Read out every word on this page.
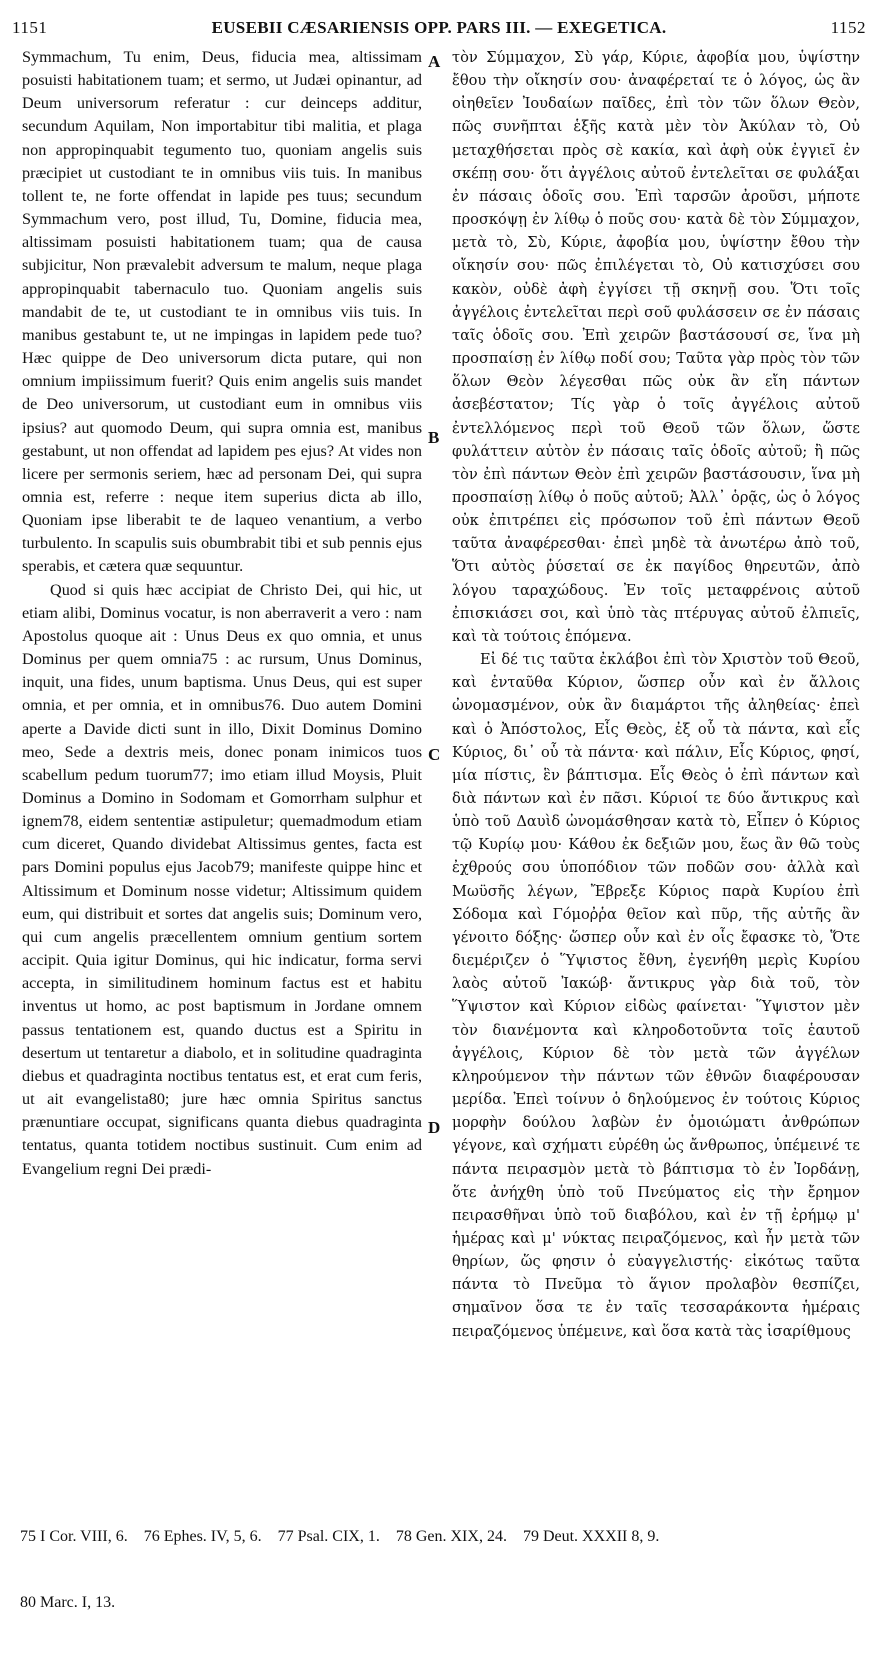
1151	EUSEBII CÆSARIENSIS OPP. PARS III. — EXEGETICA.	1152

Symmachum, Tu enim, Deus, fiducia mea, altissimam posuisti habitationem tuam; et sermo, ut Judæi opinantur, ad Deum universorum referatur : cur deinceps additur, secundum Aquilam, Non importabitur tibi malitia, et plaga non appropinquabit tegumento tuo, quoniam angelis suis præcipiet ut custodiant te in omnibus viis tuis. In manibus tollent te, ne forte offendat in lapide pes tuus; secundum Symmachum vero, post illud, Tu, Domine, fiducia mea, altissimam posuisti habitationem tuam; qua de causa subjicitur, Non prævalebit adversum te malum, neque plaga appropinquabit tabernaculo tuo. Quoniam angelis suis mandabit de te, ut custodiant te in omnibus viis tuis. In manibus gestabunt te, ut ne impingas in lapidem pede tuo? Hæc quippe de Deo universorum dicta putare, qui non omnium impiissimum fuerit? Quis enim angelis suis mandet de Deo universorum, ut custodiant eum in omnibus viis ipsius? aut quomodo Deum, qui supra omnia est, manibus gestabunt, ut non offendat ad lapidem pes ejus? At vides non licere per sermonis seriem, hæc ad personam Dei, qui supra omnia est, referre : neque item superius dicta ab illo, Quoniam ipse liberabit te de laqueo venantium, a verbo turbulento. In scapulis suis obumbrabit tibi et sub pennis ejus sperabis, et cætera quæ sequuntur.

Quod si quis hæc accipiat de Christo Dei, qui hic, ut etiam alibi, Dominus vocatur, is non aberraverit a vero : nam Apostolus quoque ait : Unus Deus ex quo omnia, et unus Dominus per quem omnia75 : ac rursum, Unus Dominus, inquit, una fides, unum baptisma. Unus Deus, qui est super omnia, et per omnia, et in omnibus76. Duo autem Domini aperte a Davide dicti sunt in illo, Dixit Dominus Domino meo, Sede a dextris meis, donec ponam inimicos tuos scabellum pedum tuorum77; imo etiam illud Moysis, Pluit Dominus a Domino in Sodomam et Gomorrham sulphur et ignem78, eidem sententiæ astipuletur; quemadmodum etiam cum diceret, Quando dividebat Altissimus gentes, facta est pars Domini populus ejus Jacob79; manifeste quippe hinc et Altissimum et Dominum nosse videtur; Altissimum quidem eum, qui distribuit et sortes dat angelis suis; Dominum vero, qui cum angelis præcellentem omnium gentium sortem accipit. Quia igitur Dominus, qui hic indicatur, forma servi accepta, in similitudinem hominum factus est et habitu inventus ut homo, ac post baptismum in Jordane omnem passus tentationem est, quando ductus est a Spiritu in desertum ut tentaretur a diabolo, et in solitudine quadraginta diebus et quadraginta noctibus tentatus est, et erat cum feris, ut ait evangelista80; jure hæc omnia Spiritus sanctus prænuntiare occupat, significans quanta diebus quadraginta tentatus, quanta totidem noctibus sustinuit. Cum enim ad Evangelium regni Dei prædi-

A
B
C
D

τὸν Σύμμαχον, Σὺ γάρ, Κύριε, ἀφοβία μου, ὑψίστην ἔθου τὴν οἴκησίν σου· ἀναφέρεταί τε ὁ λόγος, ὡς ἂν οἰηθεῖεν Ἰουδαίων παῖδες, ἐπὶ τὸν τῶν ὅλων Θεὸν, πῶς συνῆπται ἑξῆς κατὰ μὲν τὸν Ἀκύλαν τὸ, Οὐ μεταχθήσεται πρὸς σὲ κακία, καὶ ἀφὴ οὐκ ἐγγιεῖ ἐν σκέπῃ σου· ὅτι ἀγγέλοις αὐτοῦ ἐντελεῖται σε φυλάξαι ἐν πάσαις ὁδοῖς σου. Ἐπὶ ταρσῶν ἀροῦσι, μήποτε προσκόψῃ ἐν λίθῳ ὁ ποῦς σου· κατὰ δὲ τὸν Σύμμαχον, μετὰ τὸ, Σὺ, Κύριε, ἀφοβία μου, ὑψίστην ἔθου τὴν οἴκησίν σου· πῶς ἐπιλέγεται τὸ, Οὐ κατισχύσει σου κακὸν, οὐδὲ ἀφὴ ἐγγίσει τῇ σκηνῇ σου. Ὅτι τοῖς ἀγγέλοις ἐντελεῖται περὶ σοῦ φυλάσσειν σε ἐν πάσαις ταῖς ὁδοῖς σου. Ἐπὶ χειρῶν βαστάσουσί σε, ἵνα μὴ προσπαίσῃ ἐν λίθῳ ποδί σου; Ταῦτα γὰρ πρὸς τὸν τῶν ὅλων Θεὸν λέγεσθαι πῶς οὐκ ἂν εἴη πάντων ἀσεβέστατον; Τίς γὰρ ὁ τοῖς ἀγγέλοις αὐτοῦ ἐντελλόμενος περὶ τοῦ Θεοῦ τῶν ὅλων, ὥστε φυλάττειν αὐτὸν ἐν πάσαις ταῖς ὁδοῖς αὐτοῦ; ἢ πῶς τὸν ἐπὶ πάντων Θεὸν ἐπὶ χειρῶν βαστάσουσιν, ἵνα μὴ προσπαίσῃ λίθῳ ὁ ποῦς αὐτοῦ; Ἀλλ᾿ ὁρᾷς, ὡς ὁ λόγος οὐκ ἐπιτρέπει εἰς πρόσωπον τοῦ ἐπὶ πάντων Θεοῦ ταῦτα ἀναφέρεσθαι· ἐπεὶ μηδὲ τὰ ἀνωτέρω ἀπὸ τοῦ, Ὅτι αὐτὸς ῥύσεταί σε ἐκ παγίδος θηρευτῶν, ἀπὸ λόγου ταραχώδους. Ἐν τοῖς μεταφρένοις αὐτοῦ ἐπισκιάσει σοι, καὶ ὑπὸ τὰς πτέρυγας αὐτοῦ ἐλπιεῖς, καὶ τὰ τούτοις ἑπόμενα.

Εἰ δέ τις ταῦτα ἐκλάβοι ἐπὶ τὸν Χριστὸν τοῦ Θεοῦ, καὶ ἐνταῦθα Κύριον, ὥσπερ οὖν καὶ ἐν ἄλλοις ὠνομασμένον, οὐκ ἂν διαμάρτοι τῆς ἀληθείας· ἐπεὶ καὶ ὁ Ἀπόστολος, Εἷς Θεὸς, ἐξ οὗ τὰ πάντα, καὶ εἷς Κύριος, δι᾿ οὗ τὰ πάντα· καὶ πάλιν, Εἷς Κύριος, φησί, μία πίστις, ἓν βάπτισμα. Εἷς Θεὸς ὁ ἐπὶ πάντων καὶ διὰ πάντων καὶ ἐν πᾶσι. Κύριοί τε δύο ἄντικρυς καὶ ὑπὸ τοῦ Δαυὶδ ὠνομάσθησαν κατὰ τὸ, Εἶπεν ὁ Κύριος τῷ Κυρίῳ μου· Κάθου ἐκ δεξιῶν μου, ἕως ἂν θῶ τοὺς ἐχθρούς σου ὑποπόδιον τῶν ποδῶν σου· ἀλλὰ καὶ Μωϋσῆς λέγων, Ἔβρεξε Κύριος παρὰ Κυρίου ἐπὶ Σόδομα καὶ Γόμοῤῥα θεῖον καὶ πῦρ, τῆς αὐτῆς ἂν γένοιτο δόξης· ὥσπερ οὖν καὶ ἐν οἷς ἔφασκε τὸ, Ὅτε διεμέριζεν ὁ Ὕψιστος ἔθνη, ἐγενήθη μερὶς Κυρίου λαὸς αὐτοῦ Ἰακώβ· ἄντικρυς γὰρ διὰ τοῦ, τὸν Ὕψιστον καὶ Κύριον εἰδὼς φαίνεται· Ὕψιστον μὲν τὸν διανέμοντα καὶ κληροδοτοῦντα τοῖς ἑαυτοῦ ἀγγέλοις, Κύριον δὲ τὸν μετὰ τῶν ἀγγέλων κληρούμενον τὴν πάντων τῶν ἐθνῶν διαφέρουσαν μερίδα. Ἐπεὶ τοίνυν ὁ δηλούμενος ἐν τούτοις Κύριος μορφὴν δούλου λαβὼν ἐν ὁμοιώματι ἀνθρώπων γέγονε, καὶ σχήματι εὑρέθη ὡς ἄνθρωπος, ὑπέμεινέ τε πάντα πειρασμὸν μετὰ τὸ βάπτισμα τὸ ἐν Ἰορδάνῃ, ὅτε ἀνήχθη ὑπὸ τοῦ Πνεύματος εἰς τὴν ἔρημον πειρασθῆναι ὑπὸ τοῦ διαβόλου, καὶ ἐν τῇ ἐρήμῳ μ' ἡμέρας καὶ μ' νύκτας πειραζόμενος, καὶ ἦν μετὰ τῶν θηρίων, ὥς φησιν ὁ εὐαγγελιστής· εἰκότως ταῦτα πάντα τὸ Πνεῦμα τὸ ἅγιον προλαβὸν θεσπίζει, σημαῖνον ὅσα τε ἐν ταῖς τεσσαράκοντα ἡμέραις πειραζόμενος ὑπέμεινε, καὶ ὅσα κατὰ τὰς ἰσαρίθμους

75 I Cor. VIII, 6.    76 Ephes. IV, 5, 6.    77 Psal. CIX, 1.    78 Gen. XIX, 24.    79 Deut. XXXII 8, 9.

80 Marc. I, 13.
